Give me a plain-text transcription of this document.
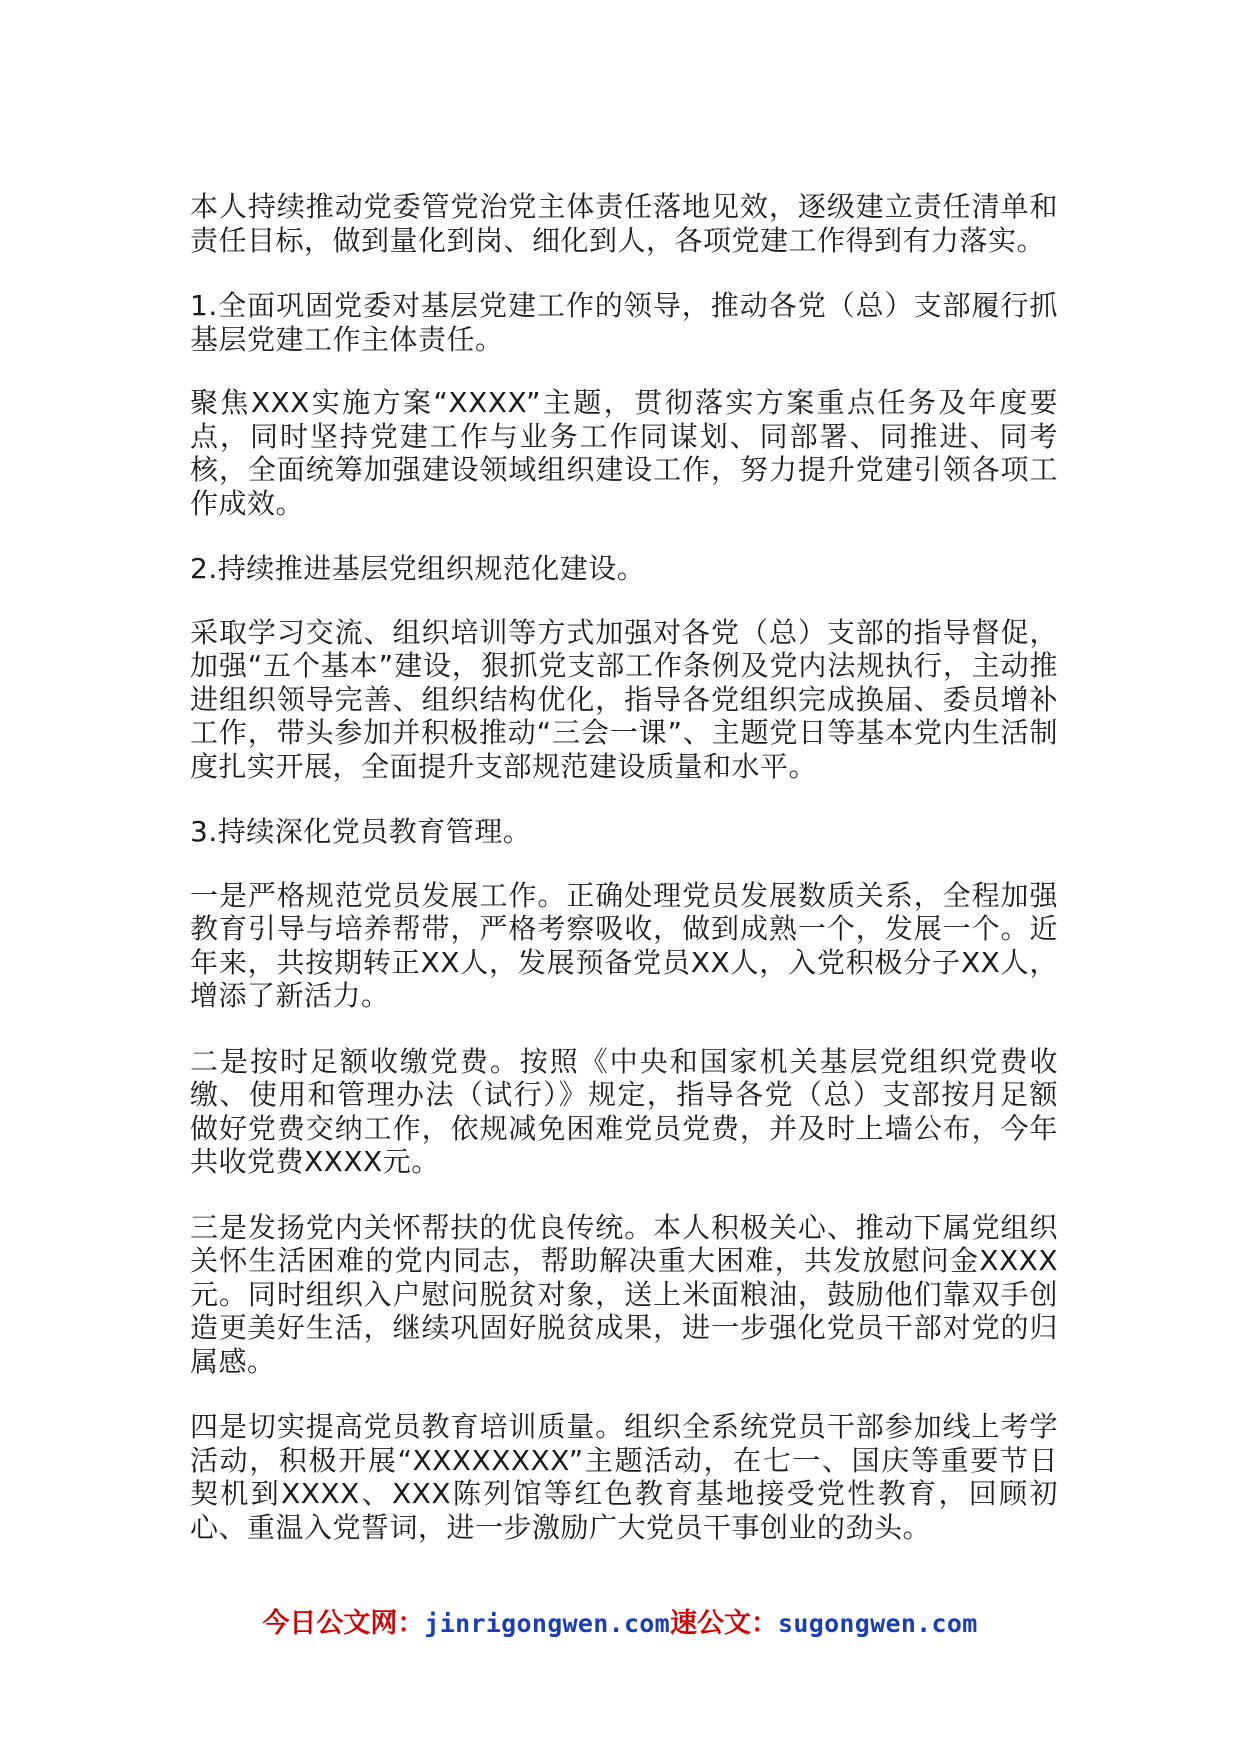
本人持续推动党委管党治党主体责任落地见效，逐级建立责任清单和责任目标，做到量化到岗、细化到人，各项党建工作得到有力落实。

1.全面巩固党委对基层党建工作的领导，推动各党（总）支部履行抓基层党建工作主体责任。

聚焦XXX实施方案“XXXX”主题，贯彻落实方案重点任务及年度要点，同时坚持党建工作与业务工作同谋划、同部署、同推进、同考核，全面统筹加强建设领域组织建设工作，努力提升党建引领各项工作成效。

2.持续推进基层党组织规范化建设。

采取学习交流、组织培训等方式加强对各党（总）支部的指导督促，加强“五个基本”建设，狠抓党支部工作条例及党内法规执行，主动推进组织领导完善、组织结构优化，指导各党组织完成换届、委员增补工作，带头参加并积极推动“三会一课”、主题党日等基本党内生活制度扎实开展，全面提升支部规范建设质量和水平。

3.持续深化党员教育管理。

一是严格规范党员发展工作。正确处理党员发展数质关系，全程加强教育引导与培养帮带，严格考察吸收，做到成熟一个，发展一个。近年来，共按期转正XX人，发展预备党员XX人，入党积极分子XX人，增添了新活力。

二是按时足额收缴党费。按照《中央和国家机关基层党组织党费收缴、使用和管理办法（试行）》规定，指导各党（总）支部按月足额做好党费交纳工作，依规减免困难党员党费，并及时上墙公布，今年共收党费XXXX元。

三是发扬党内关怀帮扶的优良传统。本人积极关心、推动下属党组织关怀生活困难的党内同志，帮助解决重大困难，共发放慰问金XXXX元。同时组织入户慰问脱贫对象，送上米面粮油，鼓励他们靠双手创造更美好生活，继续巩固好脱贫成果，进一步强化党员干部对党的归属感。

四是切实提高党员教育培训质量。组织全系统党员干部参加线上考学活动，积极开展“XXXXXXXX”主题活动，在七一、国庆等重要节日契机到XXXX、XXX陈列馆等红色教育基地接受党性教育，回顾初心、重温入党誓词，进一步激励广大党员干事创业的劲头。

今日公文网：jinrigongwen.com速公文：sugongwen.com
